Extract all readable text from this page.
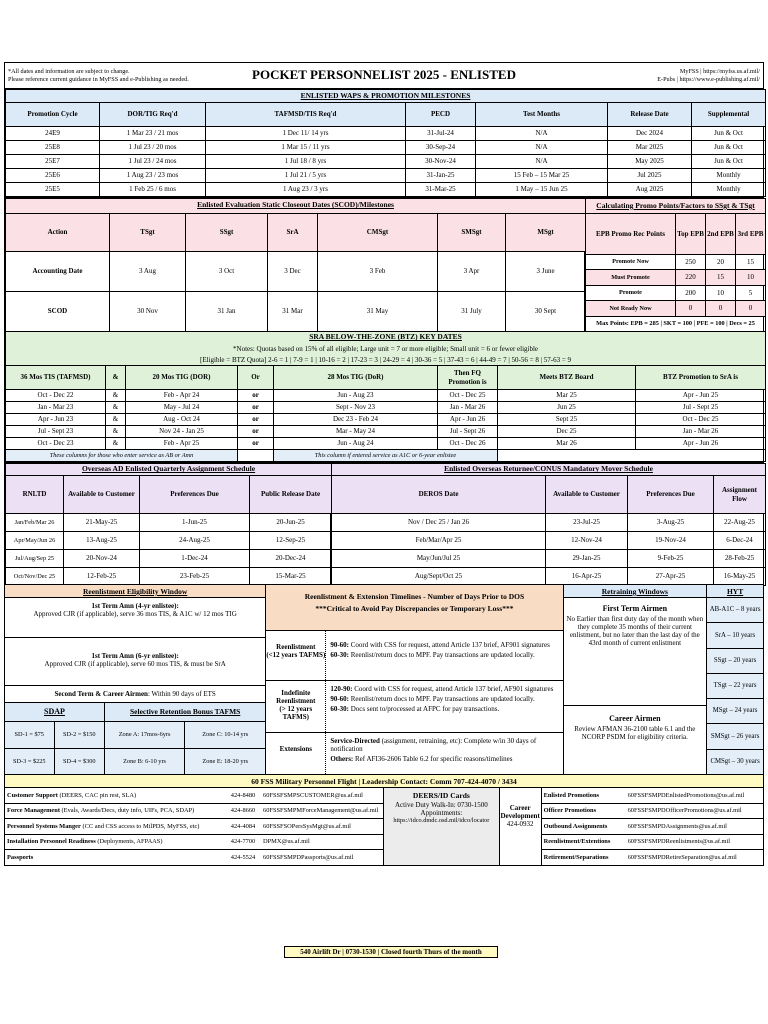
*All dates and information are subject to change.
Please reference current guidance in MyFSS and e-Publishing as needed.	POCKET PERSONNELIST 2025 - ENLISTED	MyFSS | https://myfss.us.af.mil/
E-Pubs | https://www.e-publishing.af.mil/
ENLISTED WAPS & PROMOTION MILESTONES						
Promotion Cycle	DOR/TIG Req'd	TAFMSD/TIS Req'd	PECD	Test Months	Release Date	Supplemental
24E9	1 Mar 23 / 21 mos	1 Dec 11/ 14 yrs	31-Jul-24	N/A	Dec 2024	Jun & Oct
25E8	1 Jul 23 / 20 mos	1 Mar 15 / 11 yrs	30-Sep-24	N/A	Mar 2025	Jun & Oct
25E7	1 Jul 23 / 24 mos	1 Jul 18 / 8 yrs	30-Nov-24	N/A	May 2025	Jun & Oct
25E6	1 Aug 23 / 23 mos	1 Jul 21 / 5 yrs	31-Jan-25	15 Feb – 15 Mar 25	Jul 2025	Monthly
25E5	1 Feb 25 / 6 mos	1 Aug 23 / 3 yrs	31-Mar-25	1 May – 15 Jun 25	Aug 2025	Monthly
Enlisted Evaluation Static Closeout Dates (SCOD)/Milestones						
Action	TSgt	SSgt	SrA	CMSgt	SMSgt	MSgt
Accounting Date	3 Aug	3 Oct	3 Dec	3 Feb	3 Apr	3 June
SCOD	30 Nov	31 Jan	31 Mar	31 May	31 July	30 Sept
Calculating Promo Points/Factors to SSgt & TSgt			
EPB Promo Rec Points	Top EPB	2nd EPB	3rd EPB
Promote Now	250	20	15
Must Promote	220	15	10
Promote	200	10	5
Not Ready Now	0	0	0
Max Points: EPB = 285 | SKT = 100 | PFE = 100 | Decs = 25			
SRA BELOW-THE-ZONE (BTZ) KEY DATES							
*Notes: Quotas based on 15% of all eligible; Large unit = 7 or more eligible; Small unit = 6 or fewer eligible							
[Eligible = BTZ Quota] 2-6 = 1 | 7-9 = 1 | 10-16 = 2 | 17-23 = 3 | 24-29 = 4 | 30-36 = 5 | 37-43 = 6 | 44-49 = 7 | 50-56 = 8 | 57-63 = 9							
36 Mos TIS (TAFMSD)	&	20 Mos TIG (DOR)	Or	28 Mos TIG (DoR)	Then FQ Promotion is	Meets BTZ Board	BTZ Promotion to SrA is
Oct - Dec 22	&	Feb - Apr 24	or	Jun - Aug 23	Oct - Dec 25	Mar 25	Apr - Jun 25
Jan - Mar 23	&	May - Jul 24	or	Sept - Nov 23	Jan - Mar 26	Jun 25	Jul - Sept 25
Apr - Jun 23	&	Aug - Oct 24	or	Dec 23 - Feb 24	Apr - Jun 26	Sept 25	Oct - Dec 25
Jul - Sept 23	&	Nov 24 - Jan 25	or	Mar - May 24	Jul - Sept 26	Dec 25	Jan - Mar 26
Oct - Dec 23	&	Feb - Apr 25	or	Jun - Aug 24	Oct - Dec 26	Mar 26	Apr - Jun 26
These columns for those who enter service as AB or Amn				This column if entered service as A1C or 6-year enlistee			
Overseas AD Enlisted Quarterly Assignment Schedule			
RNLTD	Available to Customer	Preferences Due	Public Release Date
Jan/Feb/Mar 26	21-May-25	1-Jun-25	20-Jun-25
Apr/May/Jun 26	13-Aug-25	24-Aug-25	12-Sep-25
Jul/Aug/Sep 25	20-Nov-24	1-Dec-24	20-Dec-24
Oct/Nov/Dec 25	12-Feb-25	23-Feb-25	15-Mar-25
Enlisted Overseas Returnee/CONUS Mandatory Mover Schedule			
DEROS Date	Available to Customer	Preferences Due	Assignment Flow
Nov / Dec 25 / Jan 26	23-Jul-25	3-Aug-25	22-Aug-25
Feb/Mar/Apr 25	12-Nov-24	19-Nov-24	6-Dec-24
May/Jun/Jul 25	29-Jan-25	9-Feb-25	28-Feb-25
Aug/Sept/Oct 25	16-Apr-25	27-Apr-25	16-May-25
Reenlistment Eligibility Window
1st Term Amn (4-yr enlistee):
Approved CJR (if applicable), serve 36 mos TIS, & A1C w/ 12 mos TIG
1st Term Amn (6-yr enlistee):
Approved CJR (if applicable), serve 60 mos TIS, & must be SrA
Second Term & Career Airmen: Within 90 days of ETS
SDAP	Selective Retention Bonus TAFMS
SD-1 = $75	SD-2 = $150
SD-3 = $225	SD-4 = $300
Zone A: 17mos-6yrs	Zone C: 10-14 yrs
Zone B: 6-10 yrs	Zone E: 18-20 yrs
Reenlistment & Extension Timelines - Number of Days Prior to DOS
***Critical to Avoid Pay Discrepancies or Temporary Loss***
Reenlistment
(<12 years TAFMS)
90-60: Coord with CSS for request, attend Article 137 brief, AF901 signatures
60-30: Reenlist/return docs to MPF. Pay transactions are updated locally.
Indefinite Reenlistment
(> 12 years TAFMS)
120-90: Coord with CSS for request, attend Article 137 brief, AF901 signatures
90-60: Reenlist/return docs to MPF. Pay transactions are updated locally.
60-30: Docs sent to/processed at AFPC for pay transactions.
Extensions
Service-Directed (assignment, retraining, etc): Complete w/in 30 days of notification
Others: Ref AFI36-2606 Table 6.2 for specific reasons/timelines
Retraining Windows
First Term Airmen
No Earlier than first duty day of the month when they complete 35 months of their current enlistment, but no later than the last day of the 43rd month of current enlistment
Career Airmen
Review AFMAN 36-2100 table 6.1 and the NCORP PSDM for eligibility criteria.
HYT
AB-A1C – 8 years
SrA – 10 years
SSgt – 20 years
TSgt – 22 years
MSgt – 24 years
SMSgt – 26 years
CMSgt – 30 years
60 FSS Military Personnel Flight | Leadership Contact: Comm 707-424-4070 / 3434
Customer Support (DEERS, CAC pin rest, SLA)	424-8480	60FSSFSMPSCUSTOMER@us.af.mil
Force Management (Evals, Awards/Decs, duty info, UIFs, PCA, SDAP)	424-8660	60FSSFSMPMForceManagement@us.af.mil
Personnel Systems Manger (CC and CSS access to MilPDS, MyFSS, etc)	424-4084	60FSSFSOPersSysMgt@us.af.mil
Installation Personnel Readiness (Deployments, AFPAAS)	424-7700	DPMX@us.af.mil
Passports	424-5524	60FSSFSMPDPassports@us.af.mil
DEERS/ID Cards
Active Duty Walk-In: 0730-1500
Appointments:
https://idco.dmdc.osd.mil/idco/locator
Career Development
424-0932
Enlisted Promotions	60FSSFSMPDEnlistedPromotions@us.af.mil
Officer Promotions	60FSSFSMPDOfficerPromotions@us.af.mil
Outbound Assignments	60FSSFSMPDAssignments@us.af.mil
Reenlistment/Extentions	60FSSFSMPDReenlistments@us.af.mil
Retirement/Separations	60FSSFSMPDRetireSeparation@us.af.mil
540 Airlift Dr | 0730-1530 | Closed fourth Thurs of the month
